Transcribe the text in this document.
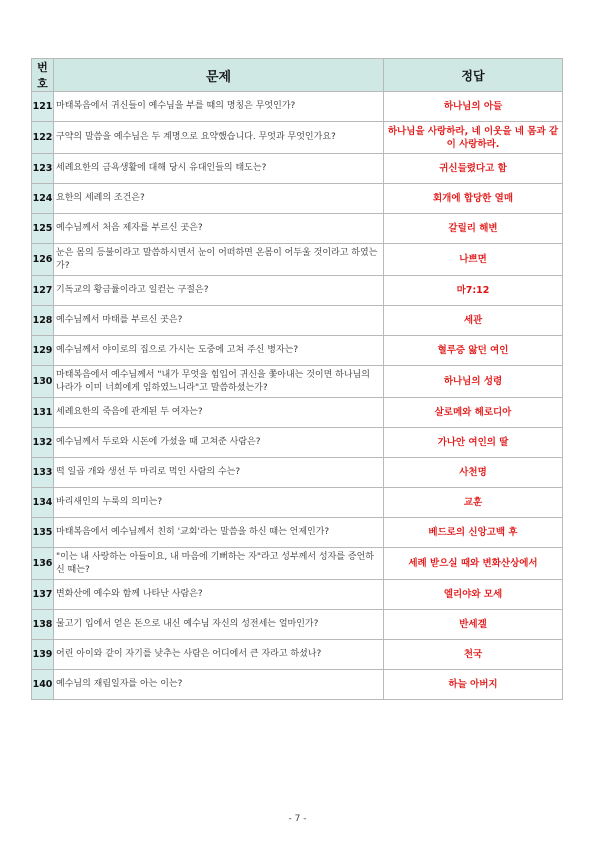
번호	문제	정답
121	마태복음에서 귀신들이 예수님을 부를 때의 명칭은 무엇인가?	하나님의 아들
122	구약의 말씀을 예수님은 두 계명으로 요약했습니다. 무엇과 무엇인가요?	하나님을 사랑하라, 네 이웃을 네 몸과 같이 사랑하라.
123	세례요한의 금욕생활에 대해 당시 유대인들의 태도는?	귀신들렸다고 함
124	요한의 세례의 조건은?	회개에 합당한 열매
125	예수님께서 처음 제자를 부르신 곳은?	갈릴리 해변
126	눈은 몸의 등불이라고 말씀하시면서 눈이 어떠하면 온몸이 어두울 것이라고 하였는가?	나쁘면
127	기독교의 황금률이라고 일컫는 구절은?	마7:12
128	예수님께서 마태를 부르신 곳은?	세관
129	예수님께서 야이로의 집으로 가시는 도중에 고쳐 주신 병자는?	혈루증 앓던 여인
130	마태복음에서 예수님께서 "내가 무엇을 힘입어 귀신을 쫓아내는 것이면 하나님의 나라가 이미 너희에게 임하였느니라"고 말씀하셨는가?	하나님의 성령
131	세례요한의 죽음에 관계된 두 여자는?	살로메와 헤로디아
132	예수님께서 두로와 시돈에 가셨을 때 고쳐준 사람은?	가나안 여인의 딸
133	떡 일곱 개와 생선 두 마리로 먹인 사람의 수는?	사천명
134	바리새인의 누룩의 의미는?	교훈
135	마태복음에서 예수님께서 친히 '교회'라는 말씀을 하신 때는 언제인가?	베드로의 신앙고백 후
136	"이는 내 사랑하는 아들이요, 내 마음에 기뻐하는 자"라고 성부께서 성자를 증언하신 때는?	세례 받으실 때와 변화산상에서
137	변화산에 예수와 함께 나타난 사람은?	엘리야와 모세
138	물고기 입에서 얻은 돈으로 내신 예수님 자신의 성전세는 얼마인가?	반세겔
139	어린 아이와 같이 자기를 낮추는 사람은 어디에서 큰 자라고 하셨나?	천국
140	예수님의 재림일자를 아는 이는?	하늘 아버지
- 7 -
